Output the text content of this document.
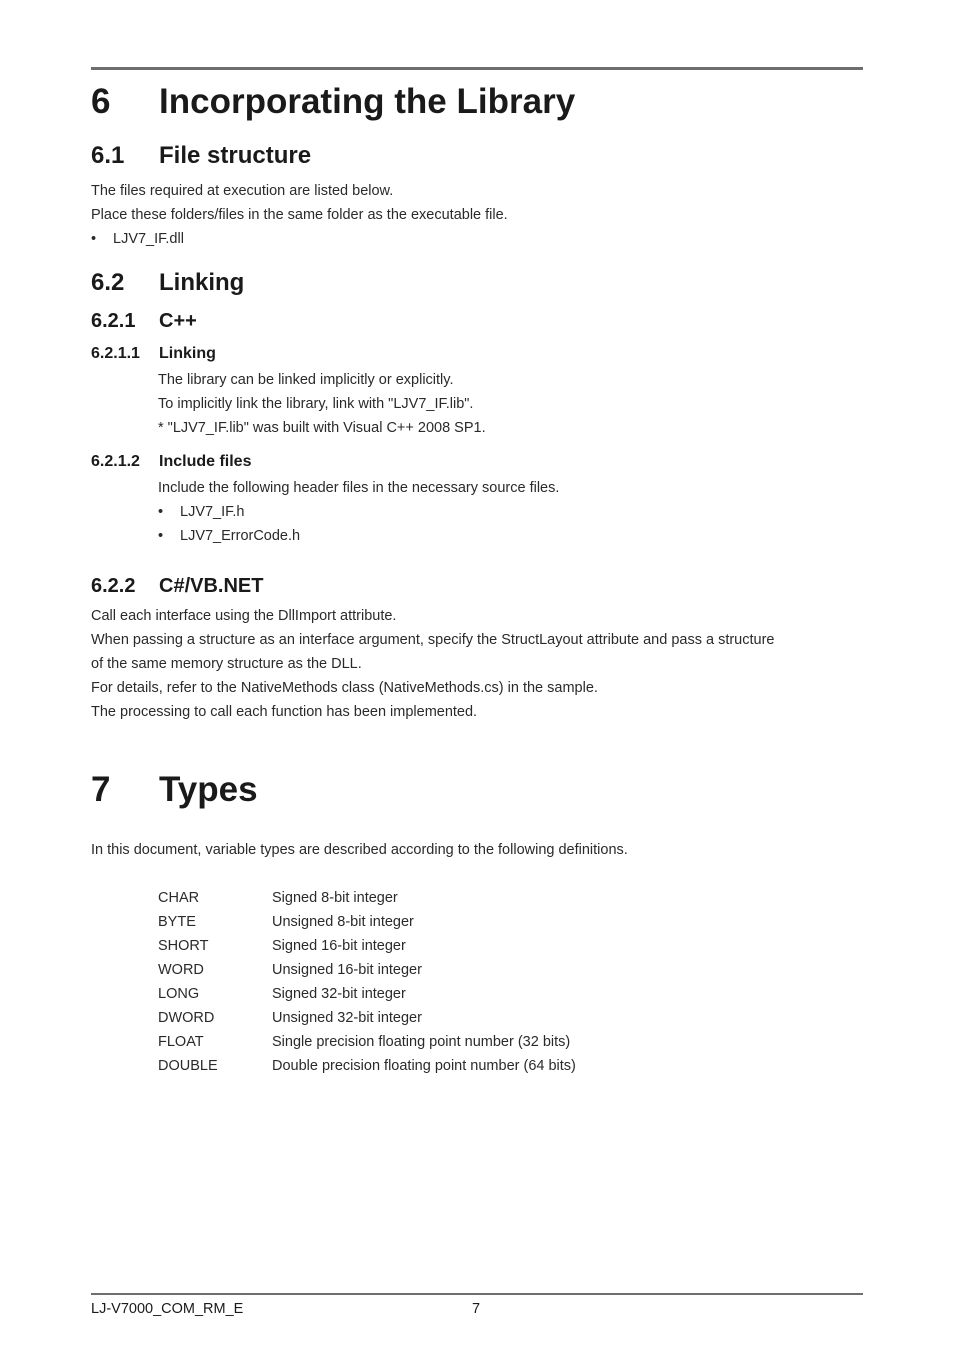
6 Incorporating the Library
6.1 File structure
The files required at execution are listed below.
Place these folders/files in the same folder as the executable file.
• LJV7_IF.dll
6.2 Linking
6.2.1 C++
6.2.1.1 Linking
The library can be linked implicitly or explicitly.
To implicitly link the library, link with "LJV7_IF.lib".
* "LJV7_IF.lib" was built with Visual C++ 2008 SP1.
6.2.1.2 Include files
Include the following header files in the necessary source files.
• LJV7_IF.h
• LJV7_ErrorCode.h
6.2.2 C#/VB.NET
Call each interface using the DllImport attribute.
When passing a structure as an interface argument, specify the StructLayout attribute and pass a structure
of the same memory structure as the DLL.
For details, refer to the NativeMethods class (NativeMethods.cs) in the sample.
The processing to call each function has been implemented.
7 Types
In this document, variable types are described according to the following definitions.
CHAR	Signed 8-bit integer
BYTE	Unsigned 8-bit integer
SHORT	Signed 16-bit integer
WORD	Unsigned 16-bit integer
LONG	Signed 32-bit integer
DWORD	Unsigned 32-bit integer
FLOAT	Single precision floating point number (32 bits)
DOUBLE	Double precision floating point number (64 bits)
LJ-V7000_COM_RM_E	7
